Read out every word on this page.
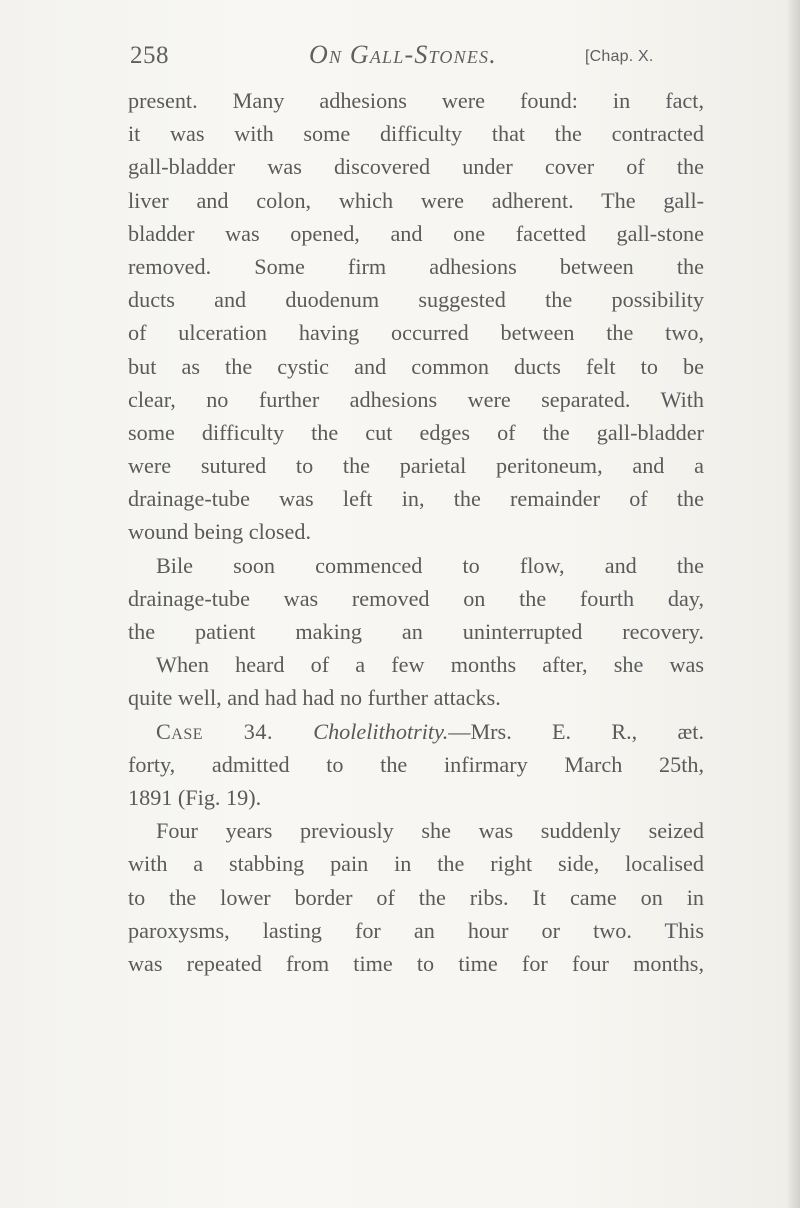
258	On Gall-Stones.	[Chap. X.
present. Many adhesions were found: in fact,
it was with some difficulty that the contracted
gall-bladder was discovered under cover of the
liver and colon, which were adherent. The gall-
bladder was opened, and one facetted gall-stone
removed. Some firm adhesions between the
ducts and duodenum suggested the possibility
of ulceration having occurred between the two,
but as the cystic and common ducts felt to be
clear, no further adhesions were separated. With
some difficulty the cut edges of the gall-bladder
were sutured to the parietal peritoneum, and a
drainage-tube was left in, the remainder of the
wound being closed.
Bile soon commenced to flow, and the
drainage-tube was removed on the fourth day,
the patient making an uninterrupted recovery.
When heard of a few months after, she was
quite well, and had had no further attacks.
Case 34. Cholelithotrity.—Mrs. E. R., æt.
forty, admitted to the infirmary March 25th,
1891 (Fig. 19).
Four years previously she was suddenly seized
with a stabbing pain in the right side, localised
to the lower border of the ribs. It came on in
paroxysms, lasting for an hour or two. This
was repeated from time to time for four months,
